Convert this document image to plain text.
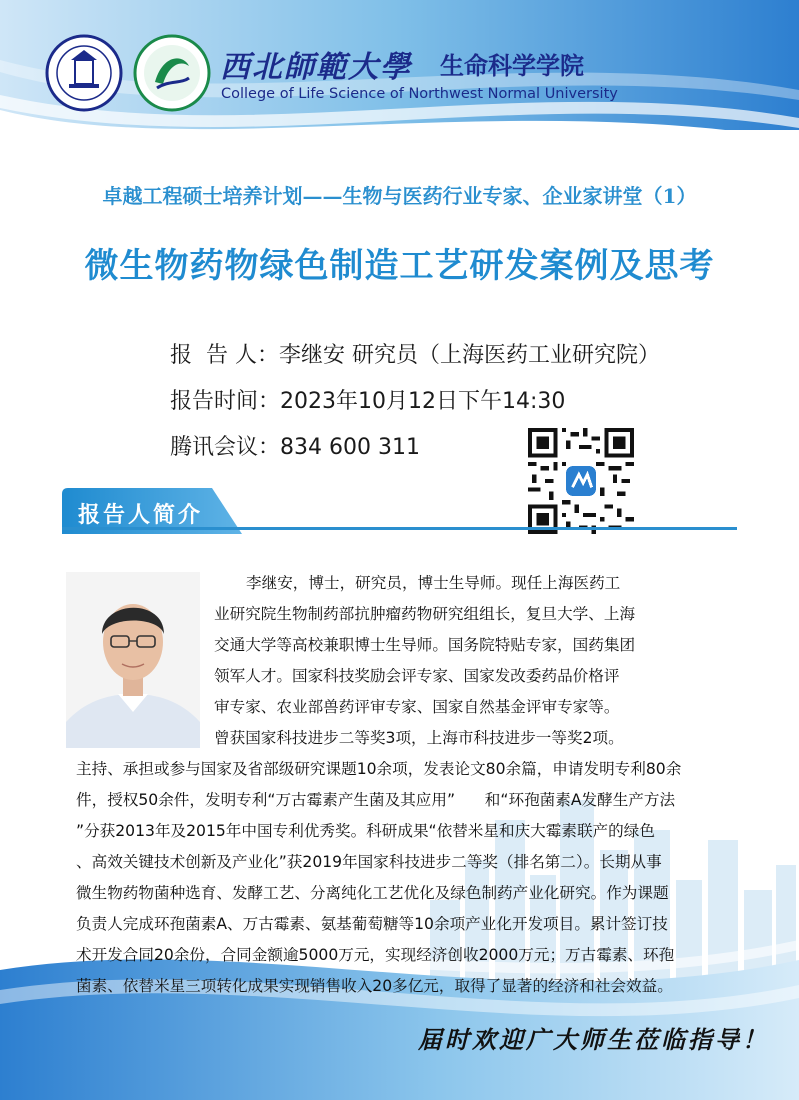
西北師範大學 生命科学学院
College of Life Science of Northwest Normal University
卓越工程硕士培养计划——生物与医药行业专家、企业家讲堂（1）
微生物药物绿色制造工艺研发案例及思考
报  告 人：李继安 研究员（上海医药工业研究院）
报告时间：2023年10月12日下午14:30
腾讯会议：834 600 311
报告人简介
李继安，博士，研究员，博士生导师。现任上海医药工
业研究院生物制药部抗肿瘤药物研究组组长，复旦大学、上海
交通大学等高校兼职博士生导师。国务院特贴专家，国药集团
领军人才。国家科技奖励会评专家、国家发改委药品价格评
审专家、农业部兽药评审专家、国家自然基金评审专家等。
曾获国家科技进步二等奖3项，上海市科技进步一等奖2项。
主持、承担或参与国家及省部级研究课题10余项，发表论文80余篇，申请发明专利80余
件，授权50余件，发明专利“万古霉素产生菌及其应用”      和“环孢菌素A发酵生产方法
”分获2013年及2015年中国专利优秀奖。科研成果“依替米星和庆大霉素联产的绿色
、高效关键技术创新及产业化”获2019年国家科技进步二等奖（排名第二）。长期从事
微生物药物菌种选育、发酵工艺、分离纯化工艺优化及绿色制药产业化研究。作为课题
负责人完成环孢菌素A、万古霉素、氨基葡萄糖等10余项产业化开发项目。累计签订技
术开发合同20余份，合同金额逾5000万元，实现经济创收2000万元；万古霉素、环孢
菌素、依替米星三项转化成果实现销售收入20多亿元，取得了显著的经济和社会效益。
届时欢迎广大师生莅临指导！
